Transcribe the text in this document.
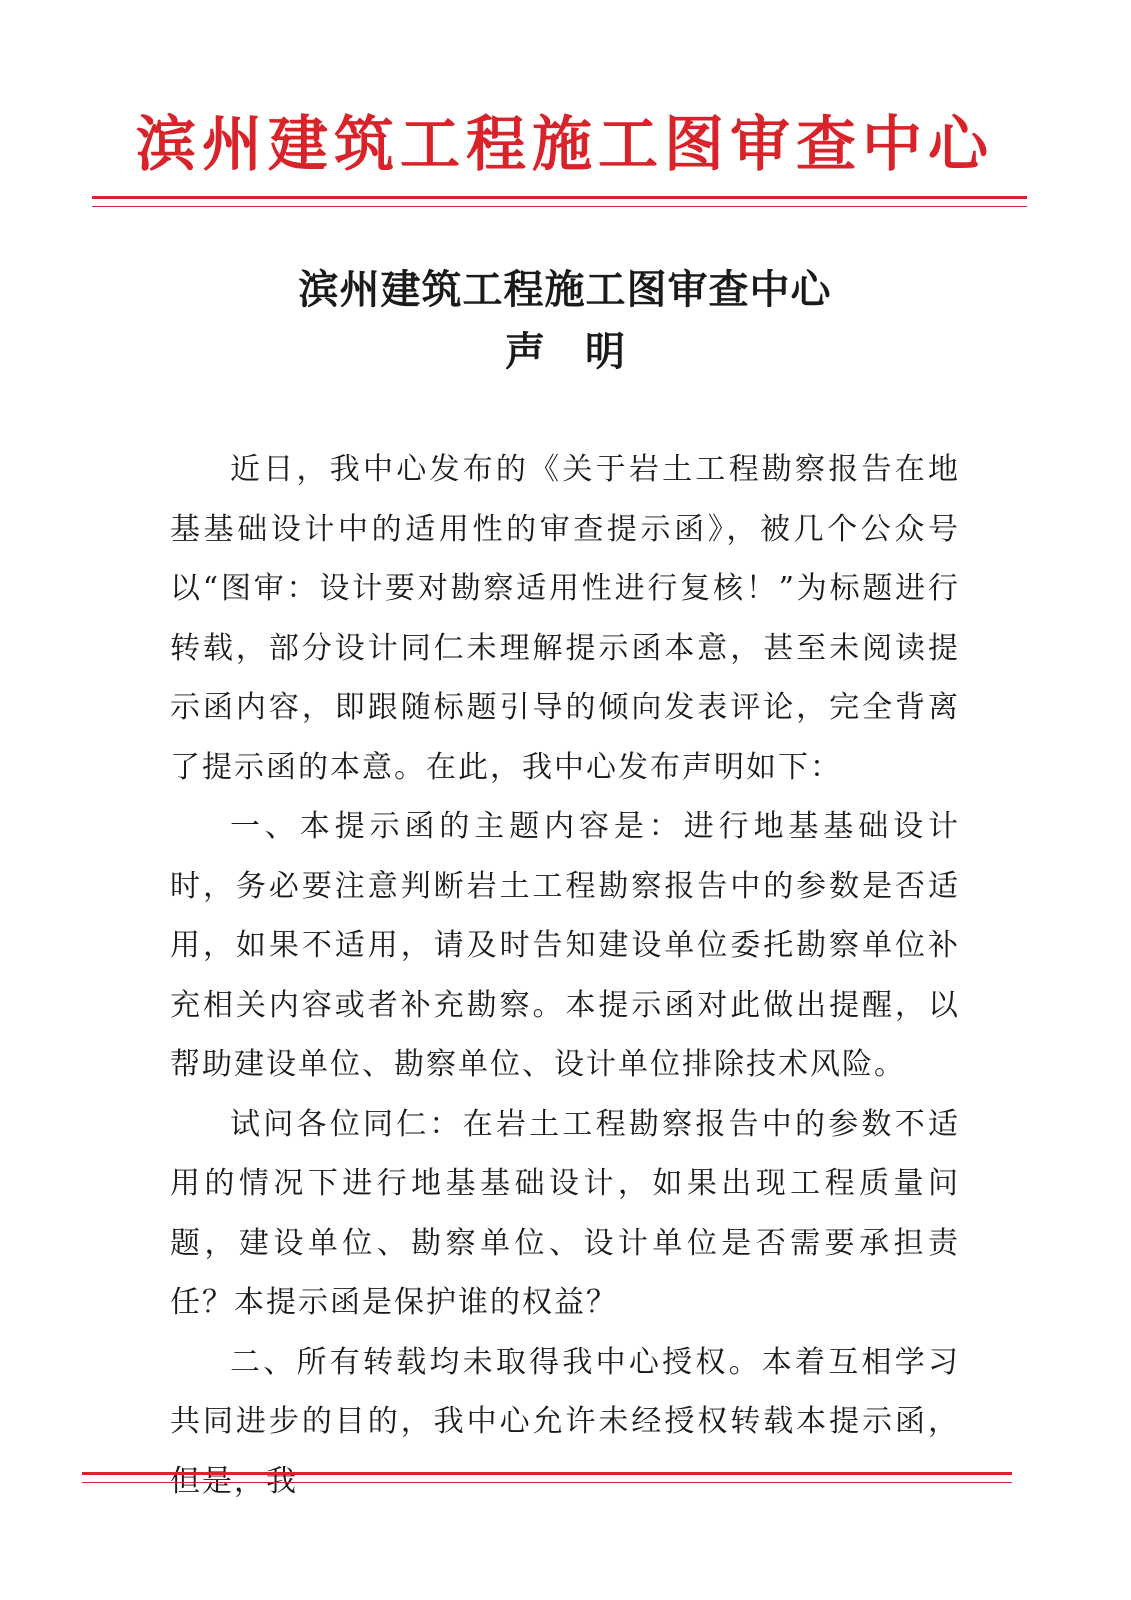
滨州建筑工程施工图审查中心
滨州建筑工程施工图审查中心
声明

近日，我中心发布的《关于岩土工程勘察报告在地基基础设计中的适用性的审查提示函》，被几个公众号以“图审：设计要对勘察适用性进行复核！”为标题进行转载，部分设计同仁未理解提示函本意，甚至未阅读提示函内容，即跟随标题引导的倾向发表评论，完全背离了提示函的本意。在此，我中心发布声明如下：

一、本提示函的主题内容是：进行地基基础设计时，务必要注意判断岩土工程勘察报告中的参数是否适用，如果不适用，请及时告知建设单位委托勘察单位补充相关内容或者补充勘察。本提示函对此做出提醒，以帮助建设单位、勘察单位、设计单位排除技术风险。

试问各位同仁：在岩土工程勘察报告中的参数不适用的情况下进行地基基础设计，如果出现工程质量问题，建设单位、勘察单位、设计单位是否需要承担责任？本提示函是保护谁的权益？

二、所有转载均未取得我中心授权。本着互相学习共同进步的目的，我中心允许未经授权转载本提示函，但是，我
